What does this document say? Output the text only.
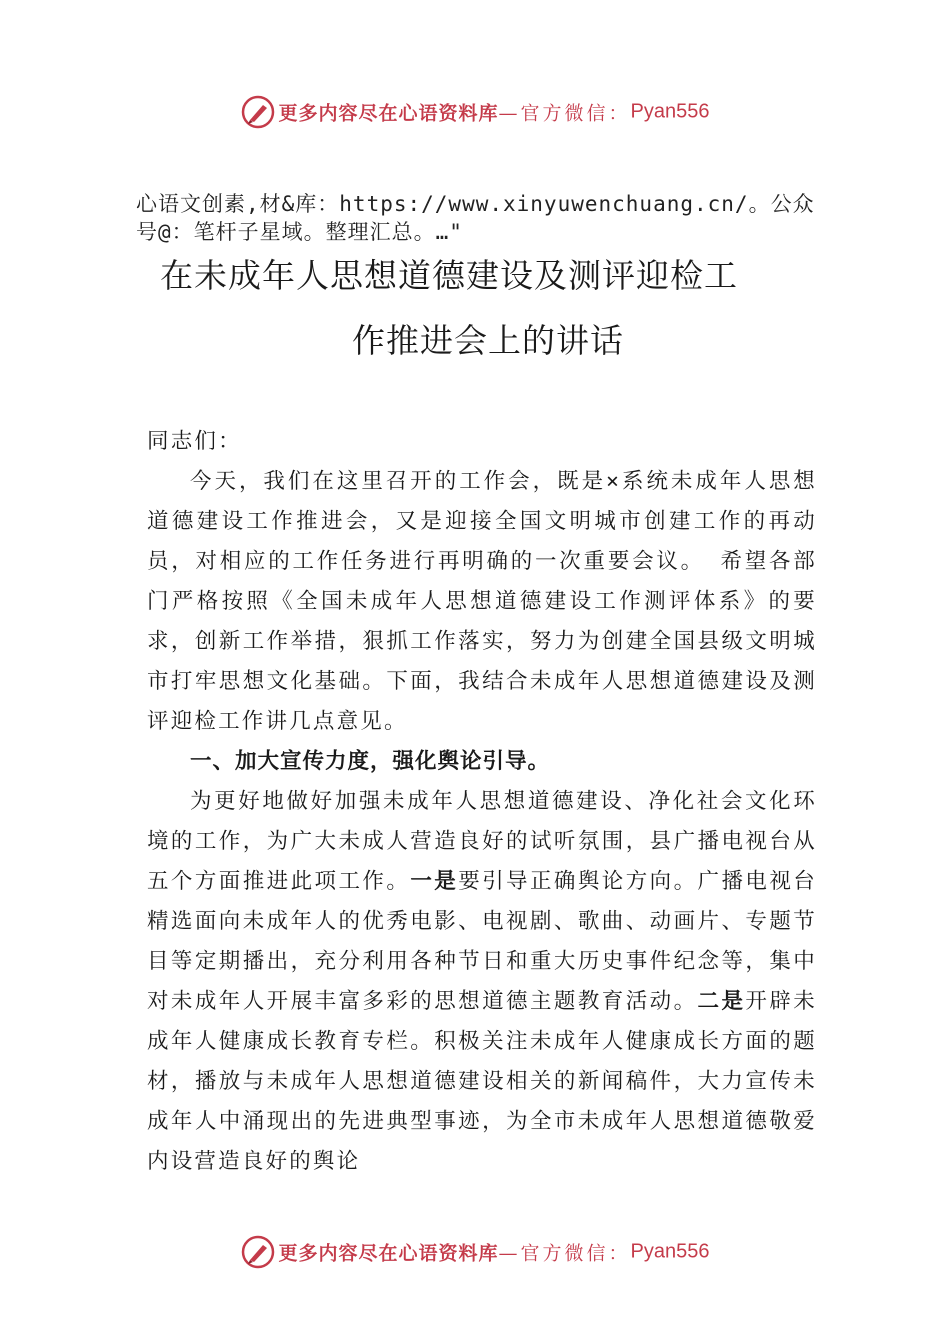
更多内容尽在心语资料库—官方微信：Pyan556
心语文创素,材&库：https://www.xinyuwenchuang.cn/。公众号@：笔杆子星域。整理汇总。…"
在未成年人思想道德建设及测评迎检工
作推进会上的讲话

同志们：

今天，我们在这里召开的工作会，既是×系统未成年人思想道德建设工作推进会，又是迎接全国文明城市创建工作的再动员，对相应的工作任务进行再明确的一次重要会议。 希望各部门严格按照《全国未成年人思想道德建设工作测评体系》的要求，创新工作举措，狠抓工作落实，努力为创建全国县级文明城市打牢思想文化基础。下面，我结合未成年人思想道德建设及测评迎检工作讲几点意见。

一、加大宣传力度，强化舆论引导。

为更好地做好加强未成年人思想道德建设、净化社会文化环境的工作，为广大未成人营造良好的试听氛围，县广播电视台从五个方面推进此项工作。一是要引导正确舆论方向。广播电视台精选面向未成年人的优秀电影、电视剧、歌曲、动画片、专题节目等定期播出，充分利用各种节日和重大历史事件纪念等，集中对未成年人开展丰富多彩的思想道德主题教育活动。二是开辟未成年人健康成长教育专栏。积极关注未成年人健康成长方面的题材，播放与未成年人思想道德建设相关的新闻稿件，大力宣传未成年人中涌现出的先进典型事迹，为全市未成年人思想道德敬爱内设营造良好的舆论

更多内容尽在心语资料库—官方微信：Pyan556
